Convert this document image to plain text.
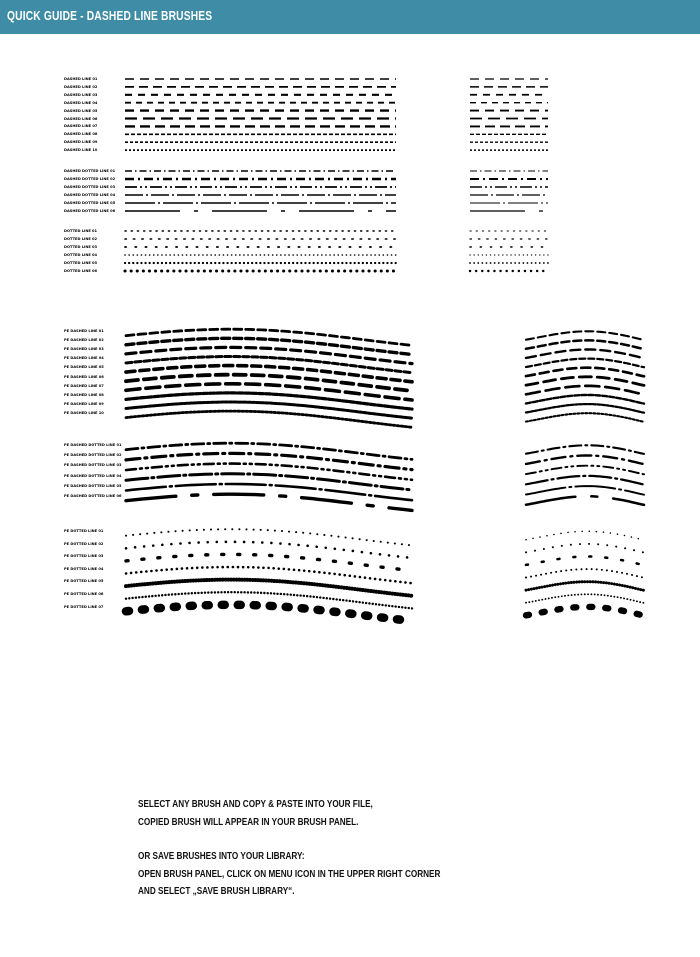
QUICK GUIDE - DASHED LINE BRUSHES
DASHED LINE 01
DASHED LINE 02
DASHED LINE 03
DASHED LINE 04
DASHED LINE 05
DASHED LINE 06
DASHED LINE 07
DASHED LINE 08
DASHED LINE 09
DASHED LINE 10
DASHED DOTTED LINE 01
DASHED DOTTED LINE 02
DASHED DOTTED LINE 03
DASHED DOTTED LINE 04
DASHED DOTTED LINE 05
DASHED DOTTED LINE 06
DOTTED LINE 01
DOTTED LINE 02
DOTTED LINE 03
DOTTED LINE 04
DOTTED LINE 05
DOTTED LINE 06
PE DASHED LINE 01
PE DASHED LINE 02
PE DASHED LINE 03
PE DASHED LINE 04
PE DASHED LINE 05
PE DASHED LINE 06
PE DASHED LINE 07
PE DASHED LINE 08
PE DASHED LINE 09
PE DASHED LINE 10
PE DASHED DOTTED LINE 01
PE DASHED DOTTED LINE 02
PE DASHED DOTTED LINE 03
PE DASHED DOTTED LINE 04
PE DASHED DOTTED LINE 05
PE DASHED DOTTED LINE 06
PE DOTTED LINE 01
PE DOTTED LINE 02
PE DOTTED LINE 03
PE DOTTED LINE 04
PE DOTTED LINE 05
PE DOTTED LINE 06
PE DOTTED LINE 07
SELECT ANY BRUSH AND COPY & PASTE INTO YOUR FILE,
COPIED BRUSH WILL APPEAR IN YOUR BRUSH PANEL.
OR SAVE BRUSHES INTO YOUR LIBRARY:
OPEN BRUSH PANEL, CLICK ON MENU ICON IN THE UPPER RIGHT CORNER
AND SELECT „SAVE BRUSH LIBRARY“.
